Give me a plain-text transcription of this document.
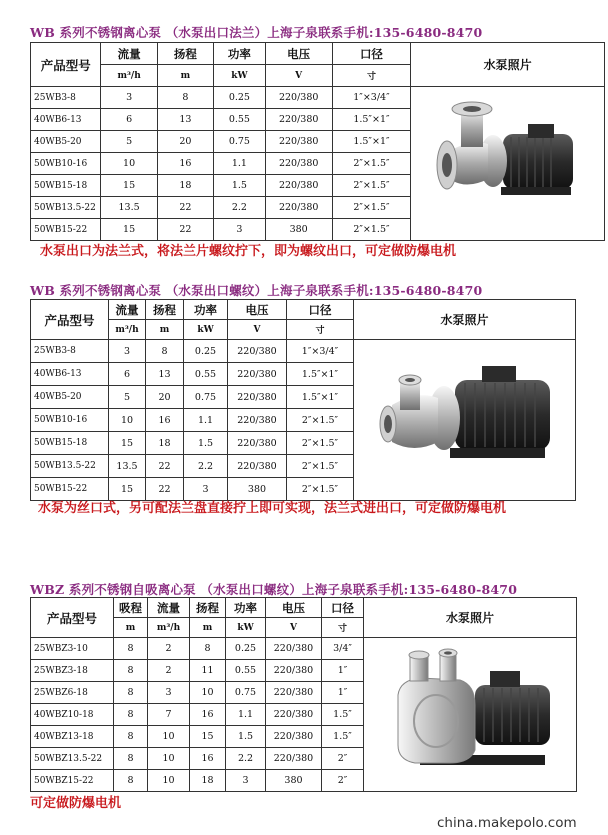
WB 系列不锈钢离心泵 （水泵出口法兰）上海子泉联系手机:135-6480-8470
产品型号	流量	扬程	功率	电压	口径	水泵照片
	m³/h	m	kW	V	寸	
25WB3-8	3	8	0.25	220/380	1″×3/4″	

40WB6-13	6	13	0.55	220/380	1.5″×1″	
40WB5-20	5	20	0.75	220/380	1.5″×1″	
50WB10-16	10	16	1.1	220/380	2″×1.5″	
50WB15-18	15	18	1.5	220/380	2″×1.5″	
50WB13.5-22	13.5	22	2.2	220/380	2″×1.5″	
50WB15-22	15	22	3	380	2″×1.5″	
水泵出口为法兰式，将法兰片螺纹拧下，即为螺纹出口，可定做防爆电机
WB 系列不锈钢离心泵 （水泵出口螺纹）上海子泉联系手机:135-6480-8470
产品型号	流量	扬程	功率	电压	口径	水泵照片
	m³/h	m	kW	V	寸	
25WB3-8	3	8	0.25	220/380	1″×3/4″	

40WB6-13	6	13	0.55	220/380	1.5″×1″	
40WB5-20	5	20	0.75	220/380	1.5″×1″	
50WB10-16	10	16	1.1	220/380	2″×1.5″	
50WB15-18	15	18	1.5	220/380	2″×1.5″	
50WB13.5-22	13.5	22	2.2	220/380	2″×1.5″	
50WB15-22	15	22	3	380	2″×1.5″	
水泵为丝口式，另可配法兰盘直接拧上即可实现，法兰式进出口，可定做防爆电机
WBZ 系列不锈钢自吸离心泵 （水泵出口螺纹）上海子泉联系手机:135-6480-8470
产品型号	吸程	流量	扬程	功率	电压	口径	水泵照片
	m	m³/h	m	kW	V	寸	
25WBZ3-10	8	2	8	0.25	220/380	3/4″	

25WBZ3-18	8	2	11	0.55	220/380	1″	
25WBZ6-18	8	3	10	0.75	220/380	1″	
40WBZ10-18	8	7	16	1.1	220/380	1.5″	
40WBZ13-18	8	10	15	1.5	220/380	1.5″	
50WBZ13.5-22	8	10	16	2.2	220/380	2″	
50WBZ15-22	8	10	18	3	380	2″	
可定做防爆电机
china.makepolo.com
